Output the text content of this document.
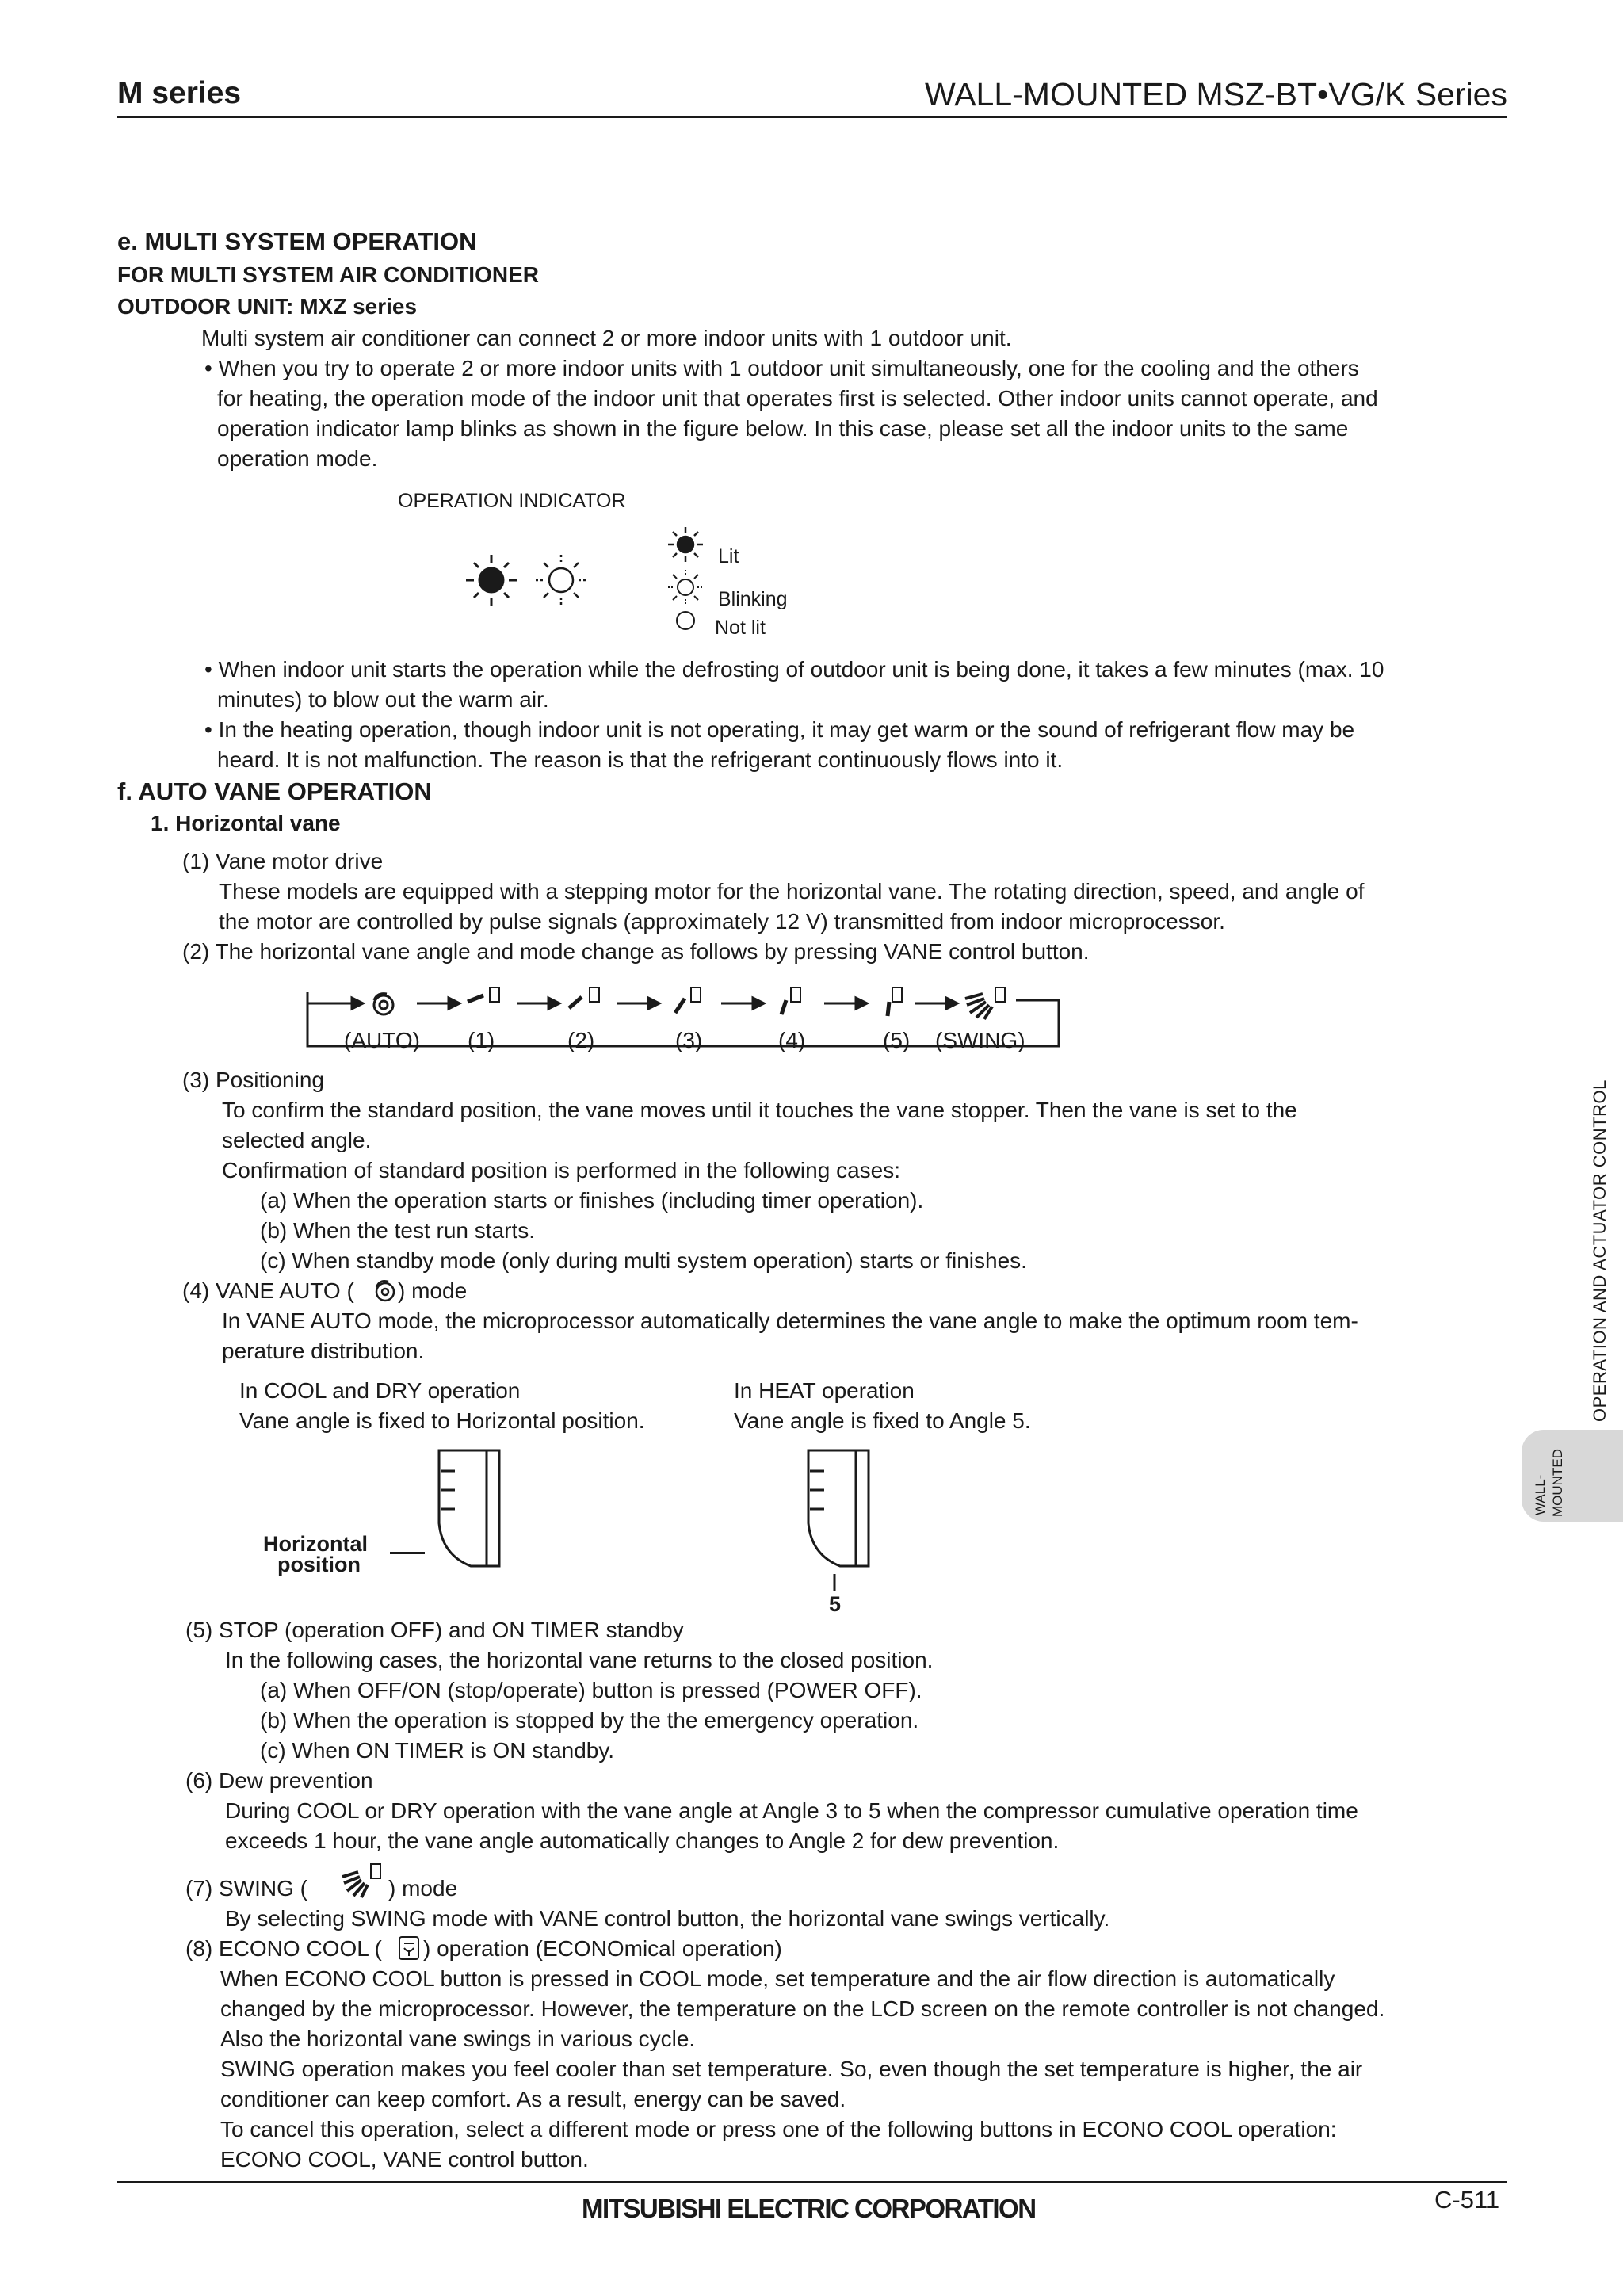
M series	WALL-MOUNTED MSZ-BT•VG/K Series
e. MULTI SYSTEM OPERATION
FOR MULTI SYSTEM AIR CONDITIONER
OUTDOOR UNIT: MXZ series
Multi system air conditioner can connect 2 or more indoor units with 1 outdoor unit.
• When you try to operate 2 or more indoor units with 1 outdoor unit simultaneously, one for the cooling and the others
for heating, the operation mode of the indoor unit that operates first is selected. Other indoor units cannot operate, and
operation indicator lamp blinks as shown in the figure below. In this case, please set all the indoor units to the same
operation mode.
OPERATION INDICATOR
Lit
Blinking
Not lit
• When indoor unit starts the operation while the defrosting of outdoor unit is being done, it takes a few minutes (max. 10
minutes) to blow out the warm air.
• In the heating operation, though indoor unit is not operating, it may get warm or the sound of refrigerant flow may be
heard. It is not malfunction. The reason is that the refrigerant continuously flows into it.
f. AUTO VANE OPERATION
1. Horizontal vane
(1) Vane motor drive
These models are equipped with a stepping motor for the horizontal vane. The rotating direction, speed, and angle of
the motor are controlled by pulse signals (approximately 12 V) transmitted from indoor microprocessor.
(2) The horizontal vane angle and mode change as follows by pressing VANE control button.
(AUTO) (1)	(2)	(3)	(4)	(5) (SWING)
(3) Positioning
To confirm the standard position, the vane moves until it touches the vane stopper. Then the vane is set to the
selected angle.
Confirmation of standard position is performed in the following cases:
(a) When the operation starts or finishes (including timer operation).
(b) When the test run starts.
(c) When standby mode (only during multi system operation) starts or finishes.
(4) VANE AUTO ( ) mode
In VANE AUTO mode, the microprocessor automatically determines the vane angle to make the optimum room tem-
perature distribution.
In COOL and DRY operation
Vane angle is fixed to Horizontal position.
In HEAT operation
Vane angle is fixed to Angle 5.
Horizontal
position
5
(5) STOP (operation OFF) and ON TIMER standby
In the following cases, the horizontal vane returns to the closed position.
(a) When OFF/ON (stop/operate) button is pressed (POWER OFF).
(b) When the operation is stopped by the the emergency operation.
(c) When ON TIMER is ON standby.
(6) Dew prevention
During COOL or DRY operation with the vane angle at Angle 3 to 5 when the compressor cumulative operation time
exceeds 1 hour, the vane angle automatically changes to Angle 2 for dew prevention.
(7) SWING (	) mode
By selecting SWING mode with VANE control button, the horizontal vane swings vertically.
(8) ECONO COOL ( ) operation (ECONOmical operation)
When ECONO COOL button is pressed in COOL mode, set temperature and the air flow direction is automatically
changed by the microprocessor. However, the temperature on the LCD screen on the remote controller is not changed.
Also the horizontal vane swings in various cycle.
SWING operation makes you feel cooler than set temperature. So, even though the set temperature is higher, the air
conditioner can keep comfort. As a result, energy can be saved.
To cancel this operation, select a different mode or press one of the following buttons in ECONO COOL operation:
ECONO COOL, VANE control button.
OPERATION AND ACTUATOR CONTROL
WALL- MOUNTED
MITSUBISHI ELECTRIC CORPORATION	C-511
